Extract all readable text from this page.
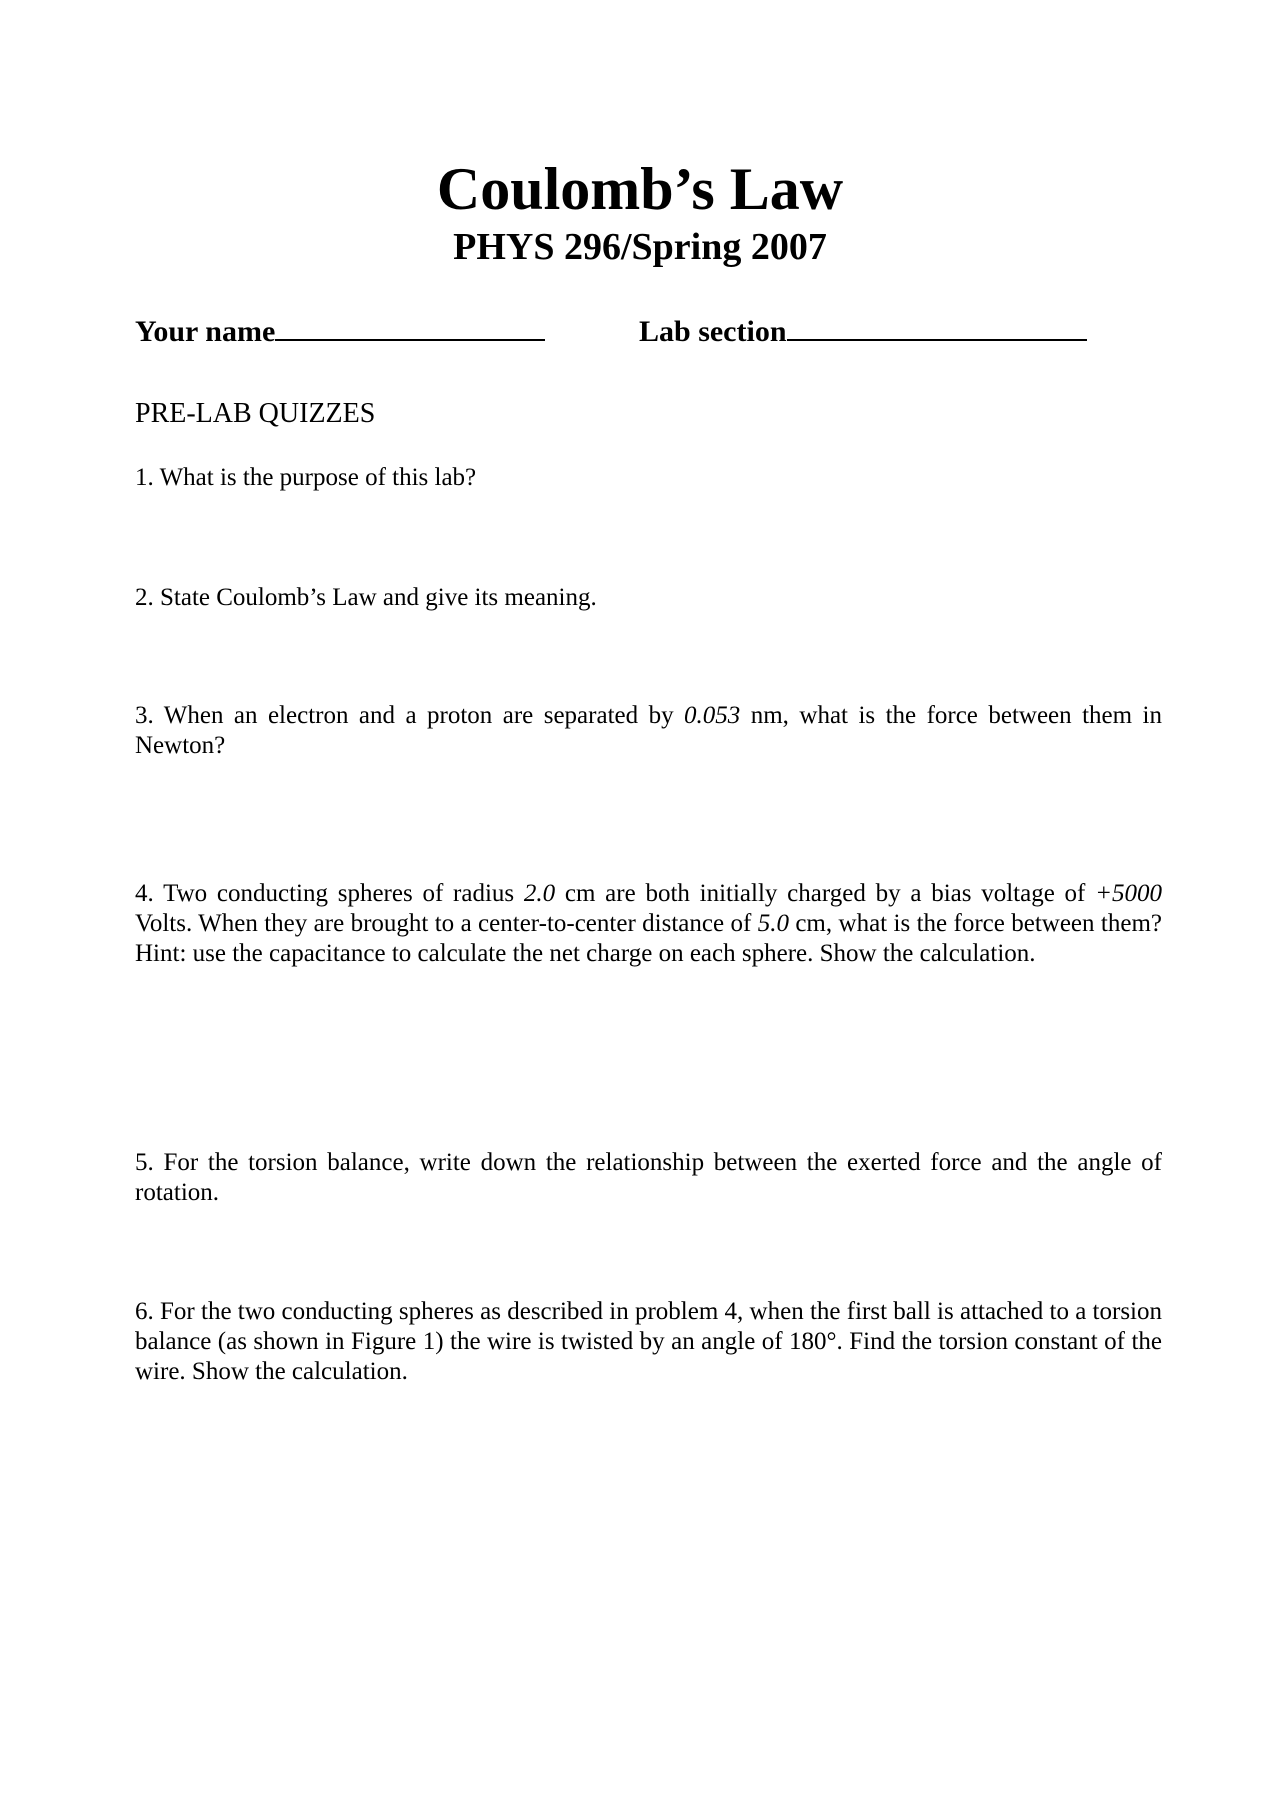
Coulomb’s Law
PHYS 296/Spring 2007
Your name	Lab section
PRE-LAB QUIZZES
1. What is the purpose of this lab?
2. State Coulomb’s Law and give its meaning.
3. When an electron and a proton are separated by 0.053 nm, what is the force between them in Newton?
4. Two conducting spheres of radius 2.0 cm are both initially charged by a bias voltage of +5000 Volts. When they are brought to a center-to-center distance of 5.0 cm, what is the force between them? Hint: use the capacitance to calculate the net charge on each sphere. Show the calculation.
5. For the torsion balance, write down the relationship between the exerted force and the angle of rotation.
6. For the two conducting spheres as described in problem 4, when the first ball is attached to a torsion balance (as shown in Figure 1) the wire is twisted by an angle of 180°. Find the torsion constant of the wire. Show the calculation.
